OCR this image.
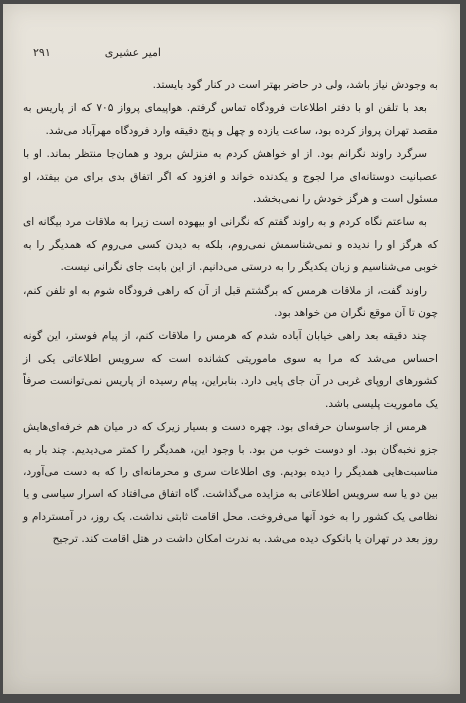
۲۹۱	امیر عشیری

به وجودش نیاز باشد، ولی در حاضر بهتر است در کنار گود بایستد.

بعد با تلفن او با دفتر اطلاعات فرودگاه تماس گرفتم. هواپیمای پرواز ۷۰۵ که از پاریس به مقصد تهران پرواز کرده بود، ساعت یازده و چهل و پنج دقیقه وارد فرودگاه مهرآباد می‌شد.

سرگرد راوند نگرانم بود. از او خواهش کردم به منزلش برود و همان‌جا منتظر بماند. او با عصبانیت دوستانه‌ای مرا لجوج و یکدنده خواند و افزود که اگر اتفاق بدی برای من بیفتد، او مسئول است و هرگز خودش را نمی‌بخشد.

به ساعتم نگاه کردم و به راوند گفتم که نگرانی او بیهوده است زیرا به ملاقات مرد بیگانه ای که هرگز او را ندیده و نمی‌شناسمش نمی‌روم، بلکه به دیدن کسی می‌روم که همدیگر را به خوبی می‌شناسیم و زبان یکدیگر را به درستی می‌دانیم. از این بابت جای نگرانی نیست.

راوند گفت، از ملاقات هرمس که برگشتم قبل از آن که راهی فرودگاه شوم به او تلفن کنم، چون تا آن موقع نگران من خواهد بود.

چند دقیقه بعد راهی خیابان آباده شدم که هرمس را ملاقات کنم، از پیام فوستر، این گونه احساس می‌شد که مرا به سوی ماموریتی کشانده است که سرویس اطلاعاتی یکی از کشورهای اروپای غربی در آن جای پایی دارد. بنابراین، پیام رسیده از پاریس نمی‌توانست صرفاً یک ماموریت پلیسی باشد.

هرمس از جاسوسان حرفه‌ای بود. چهره دست و بسیار زیرک که در میان هم خرفه‌ای‌هایش جزو نخبه‌گان بود. او دوست خوب من بود. با وجود این، همدیگر را کمتر می‌دیدیم. چند بار به مناسبت‌هایی همدیگر را دیده بودیم. وی اطلاعات سری و محرمانه‌ای را که به دست می‌آورد، بین دو یا سه سرویس اطلاعاتی به مزایده می‌گذاشت. گاه اتفاق می‌افتاد که اسرار سیاسی و یا نظامی یک کشور را به خود آنها می‌فروخت. محل اقامت ثابتی نداشت. یک روز، در آمستردام و روز بعد در تهران یا بانکوک دیده می‌شد. به ندرت امکان داشت در هتل اقامت کند. ترجیح
